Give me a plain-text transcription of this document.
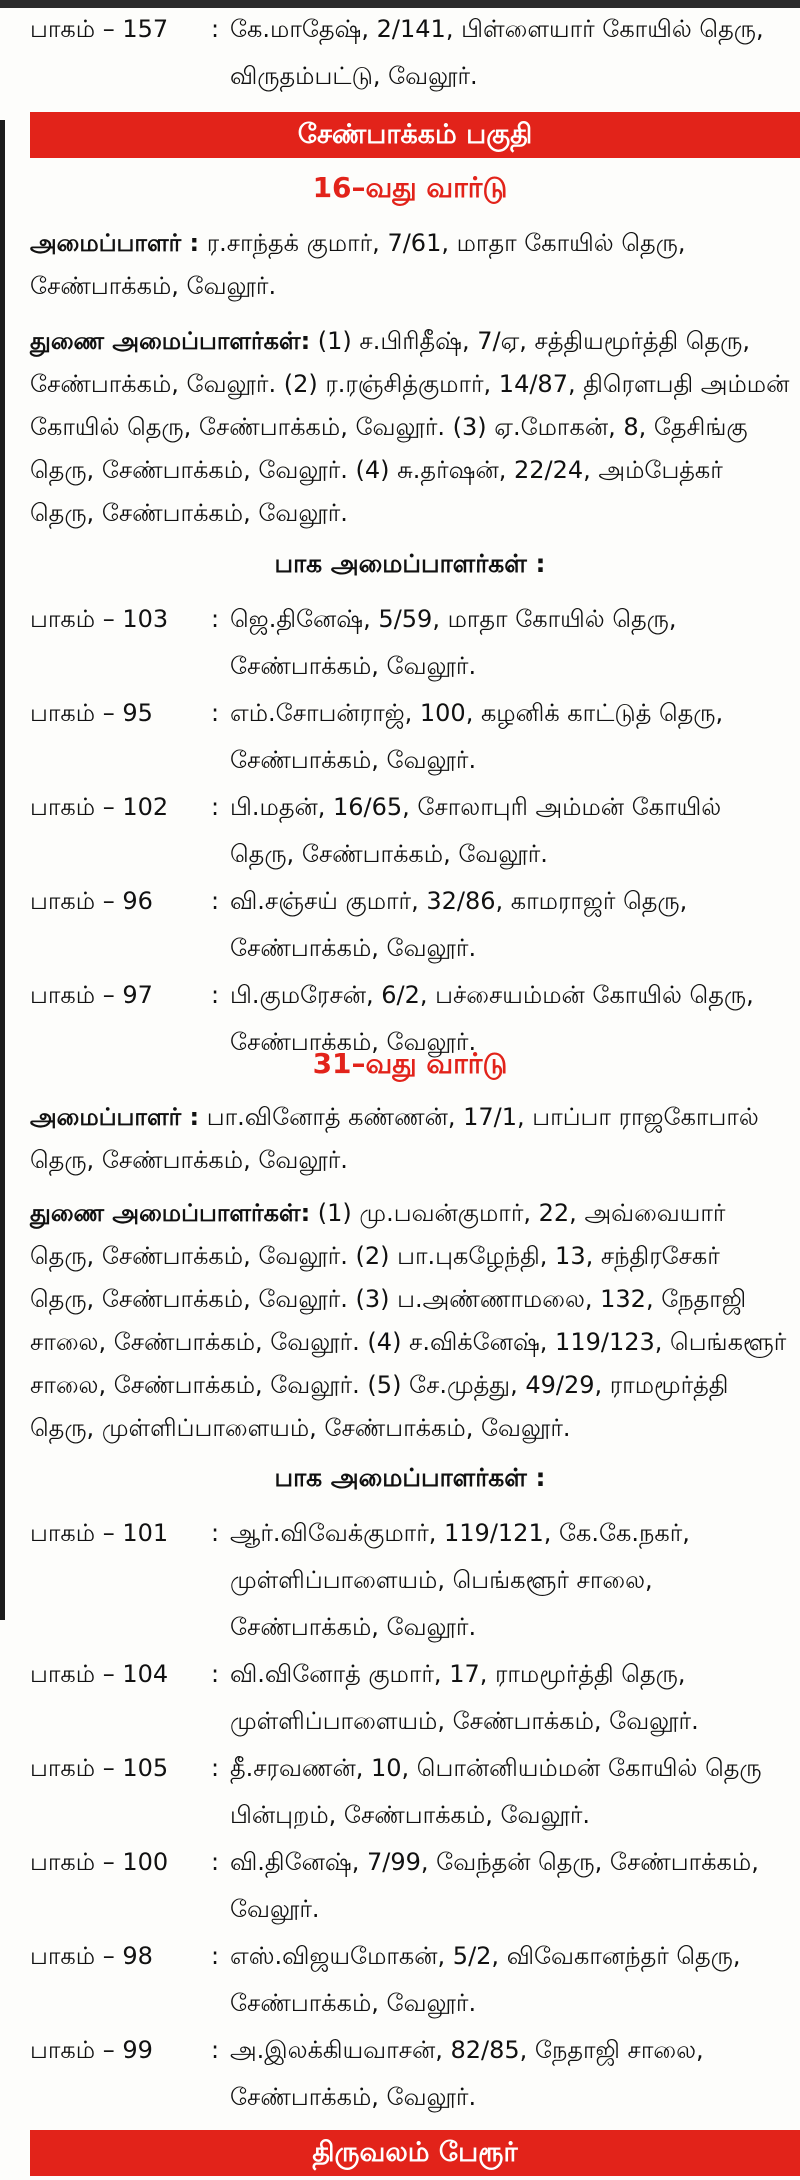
பாகம் – 157	: கே.மாதேஷ், 2/141, பிள்ளையார் கோயில் தெரு, விருதம்பட்டு, வேலூர்.
சேண்பாக்கம் பகுதி
16–வது வார்டு
அமைப்பாளர் : ர.சாந்தக் குமார், 7/61, மாதா கோயில் தெரு, சேண்பாக்கம், வேலூர்.
துணை அமைப்பாளர்கள்: (1) ச.பிரிதீஷ், 7/ஏ, சத்தியமூர்த்தி தெரு, சேண்பாக்கம், வேலூர். (2) ர.ரஞ்சித்குமார், 14/87, திரௌபதி அம்மன் கோயில் தெரு, சேண்பாக்கம், வேலூர். (3) ஏ.மோகன், 8, தேசிங்கு தெரு, சேண்பாக்கம், வேலூர். (4) சு.தர்ஷன், 22/24, அம்பேத்கர் தெரு, சேண்பாக்கம், வேலூர்.
பாக அமைப்பாளர்கள் :
பாகம் – 103	: ஜெ.தினேஷ், 5/59, மாதா கோயில் தெரு, சேண்பாக்கம், வேலூர்.
பாகம் – 95	: எம்.சோபன்ராஜ், 100, கழனிக் காட்டுத் தெரு, சேண்பாக்கம், வேலூர்.
பாகம் – 102	: பி.மதன், 16/65, சோலாபுரி அம்மன் கோயில் தெரு, சேண்பாக்கம், வேலூர்.
பாகம் – 96	: வி.சஞ்சய் குமார், 32/86, காமராஜர் தெரு, சேண்பாக்கம், வேலூர்.
பாகம் – 97	: பி.குமரேசன், 6/2, பச்சையம்மன் கோயில் தெரு, சேண்பாக்கம், வேலூர்.
31–வது வார்டு
அமைப்பாளர் : பா.வினோத் கண்ணன், 17/1, பாப்பா ராஜகோபால் தெரு, சேண்பாக்கம், வேலூர்.
துணை அமைப்பாளர்கள்: (1) மு.பவன்குமார், 22, அவ்வையார் தெரு, சேண்பாக்கம், வேலூர். (2) பா.புகழேந்தி, 13, சந்திரசேகர் தெரு, சேண்பாக்கம், வேலூர். (3) ப.அண்ணாமலை, 132, நேதாஜி சாலை, சேண்பாக்கம், வேலூர். (4) ச.விக்னேஷ், 119/123, பெங்களூர் சாலை, சேண்பாக்கம், வேலூர். (5) சே.முத்து, 49/29, ராமமூர்த்தி தெரு, முள்ளிப்பாளையம், சேண்பாக்கம், வேலூர்.
பாக அமைப்பாளர்கள் :
பாகம் – 101	: ஆர்.விவேக்குமார், 119/121, கே.கே.நகர், முள்ளிப்பாளையம், பெங்களூர் சாலை, சேண்பாக்கம், வேலூர்.
பாகம் – 104	: வி.வினோத் குமார், 17, ராமமூர்த்தி தெரு, முள்ளிப்பாளையம், சேண்பாக்கம், வேலூர்.
பாகம் – 105	: தீ.சரவணன், 10, பொன்னியம்மன் கோயில் தெரு பின்புறம், சேண்பாக்கம், வேலூர்.
பாகம் – 100	: வி.தினேஷ், 7/99, வேந்தன் தெரு, சேண்பாக்கம், வேலூர்.
பாகம் – 98	: எஸ்.விஜயமோகன், 5/2, விவேகானந்தர் தெரு, சேண்பாக்கம், வேலூர்.
பாகம் – 99	: அ.இலக்கியவாசன், 82/85, நேதாஜி சாலை, சேண்பாக்கம், வேலூர்.
திருவலம் பேரூர்
